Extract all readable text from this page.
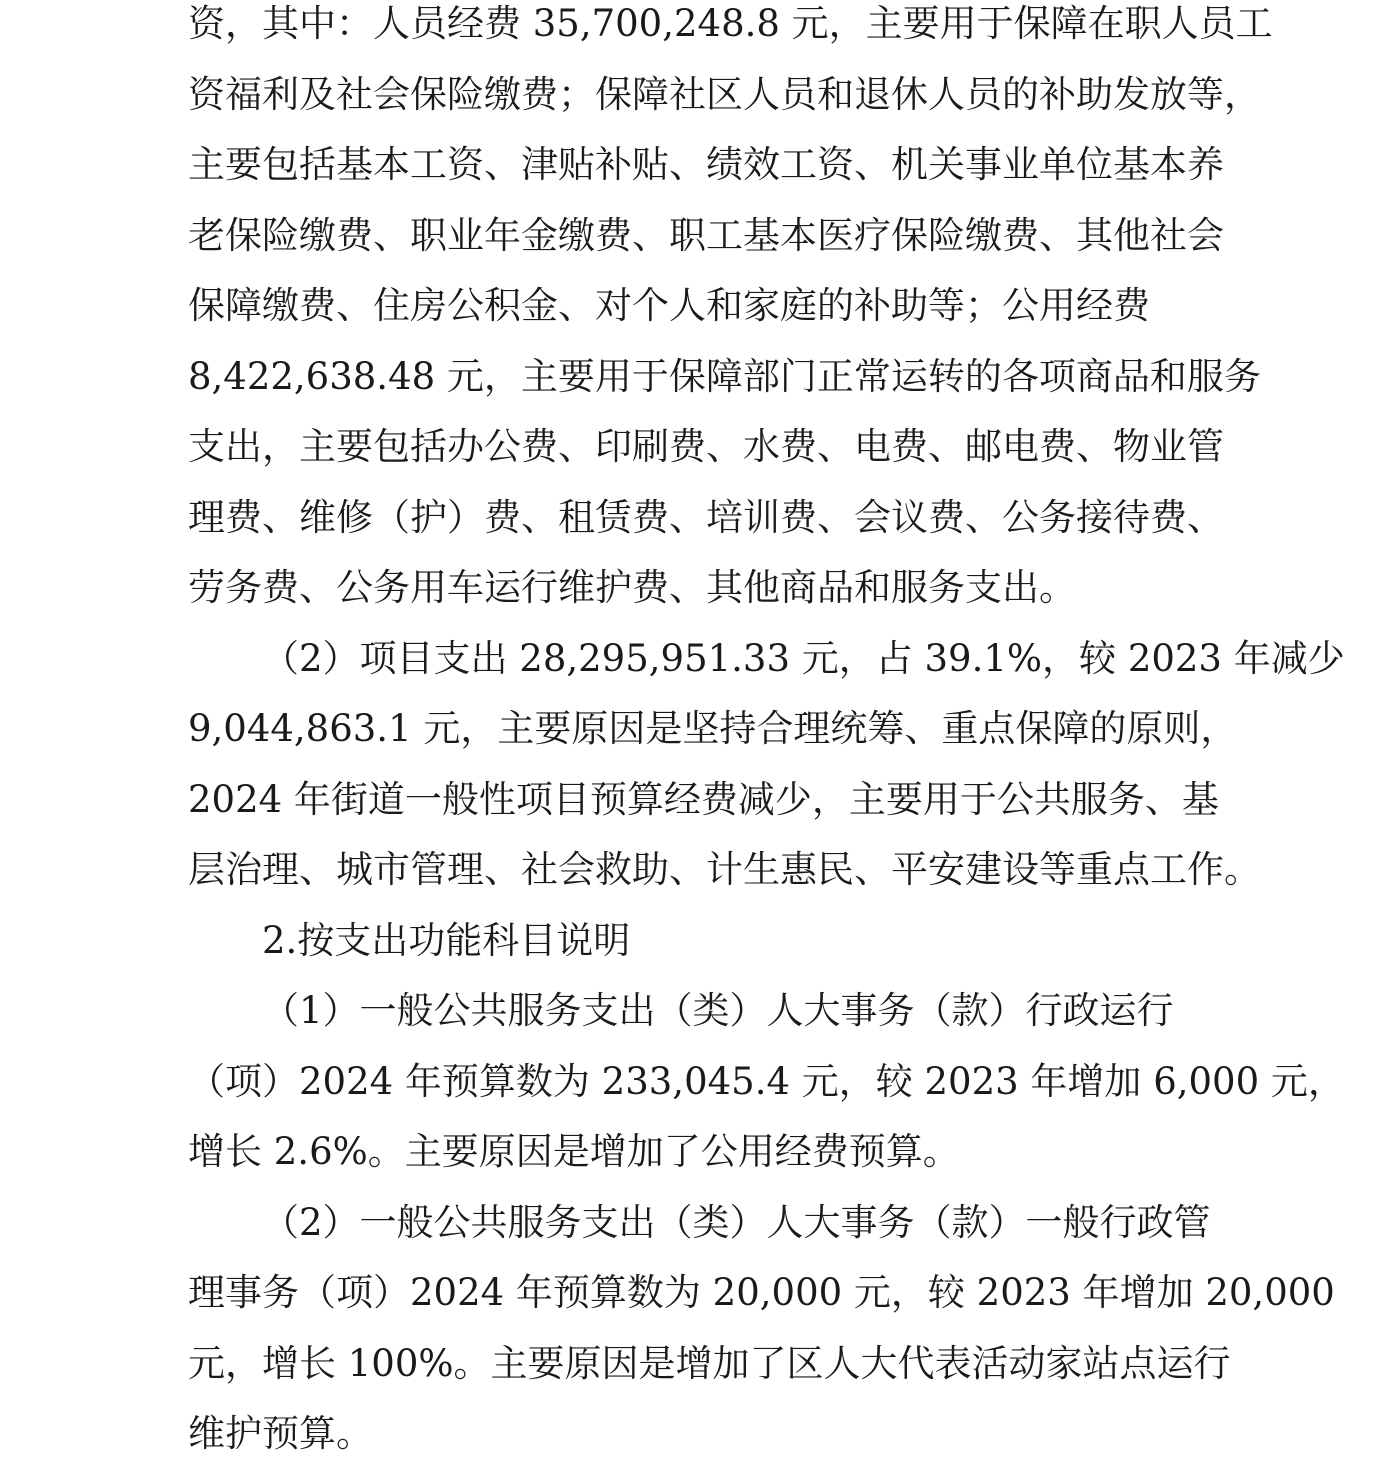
资，其中：人员经费 35,700,248.8 元，主要用于保障在职人员工
资福利及社会保险缴费；保障社区人员和退休人员的补助发放等，
主要包括基本工资、津贴补贴、绩效工资、机关事业单位基本养
老保险缴费、职业年金缴费、职工基本医疗保险缴费、其他社会
保障缴费、住房公积金、对个人和家庭的补助等；公用经费
8,422,638.48 元，主要用于保障部门正常运转的各项商品和服务
支出，主要包括办公费、印刷费、水费、电费、邮电费、物业管
理费、维修（护）费、租赁费、培训费、会议费、公务接待费、
劳务费、公务用车运行维护费、其他商品和服务支出。
（2）项目支出 28,295,951.33 元，占 39.1%，较 2023 年减少
9,044,863.1 元，主要原因是坚持合理统筹、重点保障的原则，
2024 年街道一般性项目预算经费减少，主要用于公共服务、基
层治理、城市管理、社会救助、计生惠民、平安建设等重点工作。
2.按支出功能科目说明
（1）一般公共服务支出（类）人大事务（款）行政运行
（项）2024 年预算数为 233,045.4 元，较 2023 年增加 6,000 元，
增长 2.6%。主要原因是增加了公用经费预算。
（2）一般公共服务支出（类）人大事务（款）一般行政管
理事务（项）2024 年预算数为 20,000 元，较 2023 年增加 20,000
元，增长 100%。主要原因是增加了区人大代表活动家站点运行
维护预算。
